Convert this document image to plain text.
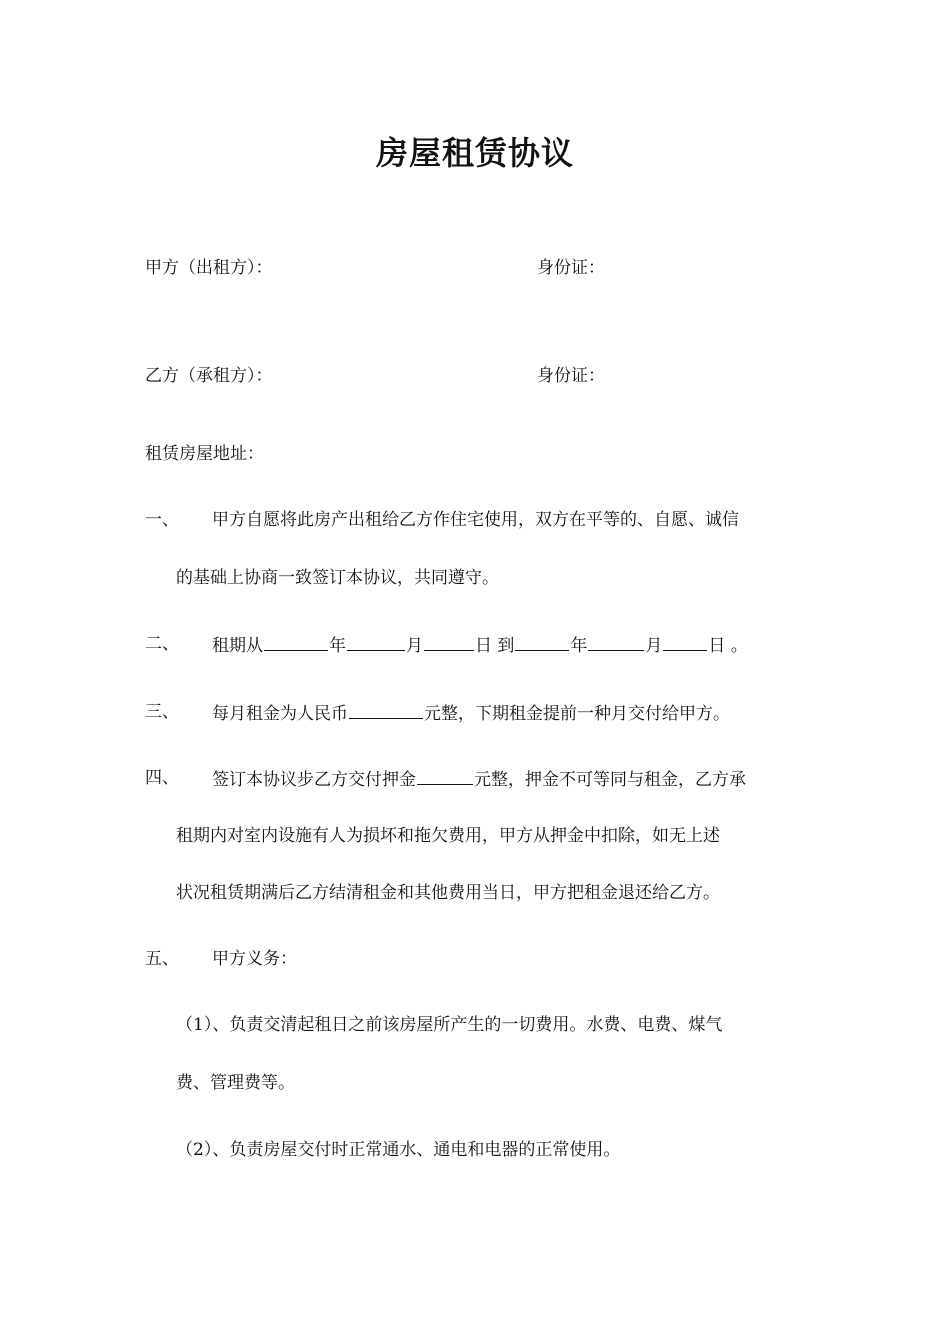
房屋租赁协议
甲方（出租方）：	身份证：
乙方（承租方）：	身份证：
租赁房屋地址：
一、 甲方自愿将此房产出租给乙方作住宅使用，双方在平等的、自愿、诚信
的基础上协商一致签订本协议，共同遵守。
二、 租期从	年	月	日 到	年	月	日 。
三、 每月租金为人民币	元整，下期租金提前一种月交付给甲方。
四、 签订本协议步乙方交付押金	元整，押金不可等同与租金，乙方承
租期内对室内设施有人为损坏和拖欠费用，甲方从押金中扣除，如无上述
状况租赁期满后乙方结清租金和其他费用当日，甲方把租金退还给乙方。
五、 甲方义务：
（1）、负责交清起租日之前该房屋所产生的一切费用。水费、电费、煤气
费、管理费等。
（2）、负责房屋交付时正常通水、通电和电器的正常使用。
